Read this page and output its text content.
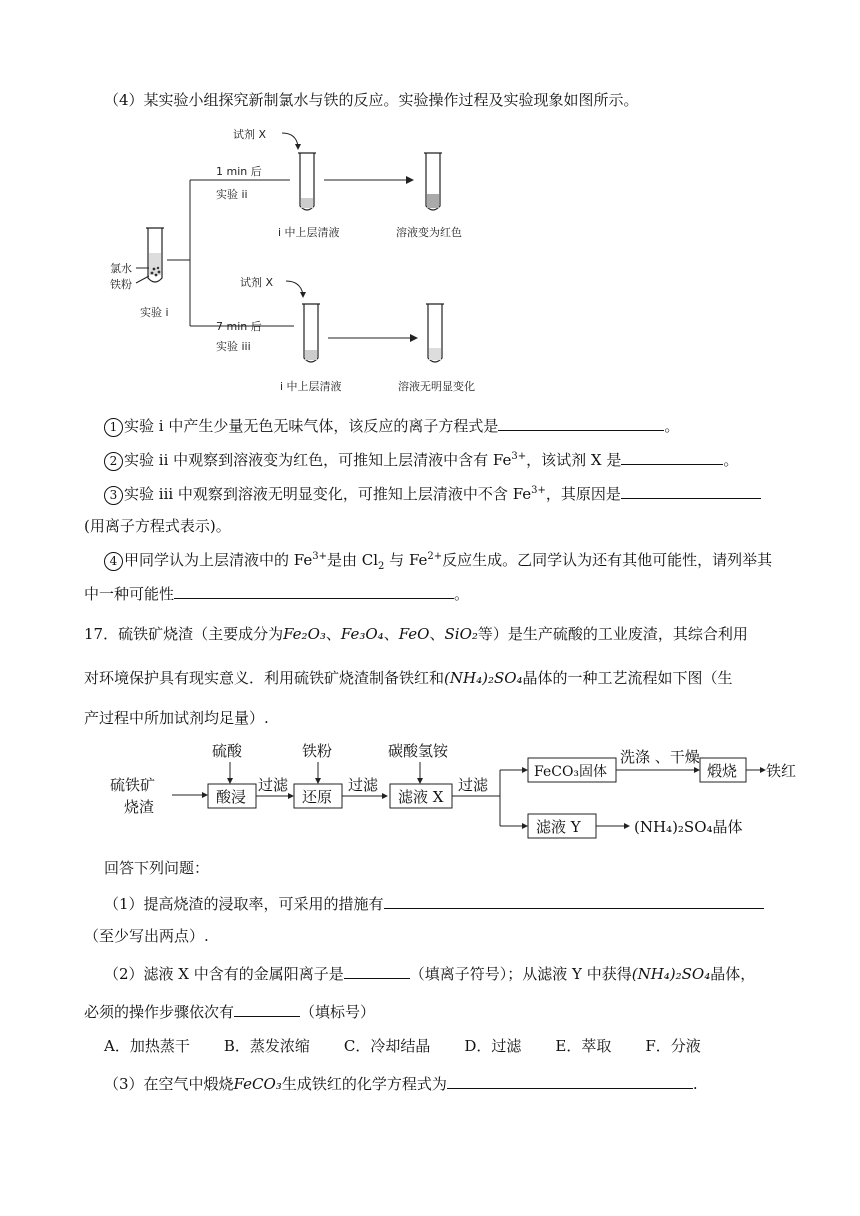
（4）某实验小组探究新制氯水与铁的反应。实验操作过程及实验现象如图所示。
氯水
铁粉
实验 i
试剂 X
1 min 后
实验 ii
i 中上层清液	溶液变为红色
试剂 X
7 min 后
实验 iii
i 中上层清液	溶液无明显变化
1 实验 i 中产生少量无色无味气体，该反应的离子方程式是	。
2 实验 ii 中观察到溶液变为红色，可推知上层清液中含有 $Fe^{3+}$，该试剂 X 是	。
3 实验 iii 中观察到溶液无明显变化，可推知上层清液中不含 $Fe^{3+}$，其原因是
(用离子方程式表示)。
4 甲同学认为上层清液中的 $Fe^{3+}$是由 $Cl_2$ 与 $Fe^{2+}$反应生成。乙同学认为还有其他可能性，请列举其
中一种可能性	。
17．硫铁矿烧渣（主要成分为Fe₂O₃、Fe₃O₄、FeO、SiO₂等）是生产硫酸的工业废渣，其综合利用
对环境保护具有现实意义．利用硫铁矿烧渣制备铁红和(NH₄)₂SO₄晶体的一种工艺流程如下图（生
产过程中所加试剂均足量）.
硫铁矿
烧渣
硫酸
酸浸
过滤
铁粉
还原
过滤
碳酸氢铵
滤液 X
过滤
FeCO₃固体
洗涤 、干燥
煅烧 铁红
滤液 Y	(NH₄)₂SO₄晶体
回答下列问题：
（1）提高烧渣的浸取率，可采用的措施有
（至少写出两点）.
（2）滤液 X 中含有的金属阳离子是	（填离子符号）；从滤液 Y 中获得(NH₄)₂SO₄晶体，
必须的操作步骤依次有	（填标号）
A．加热蒸干 B．蒸发浓缩 C．冷却结晶 D．过滤 E．萃取 F．分液
（3）在空气中煅烧FeCO₃生成铁红的化学方程式为	.
